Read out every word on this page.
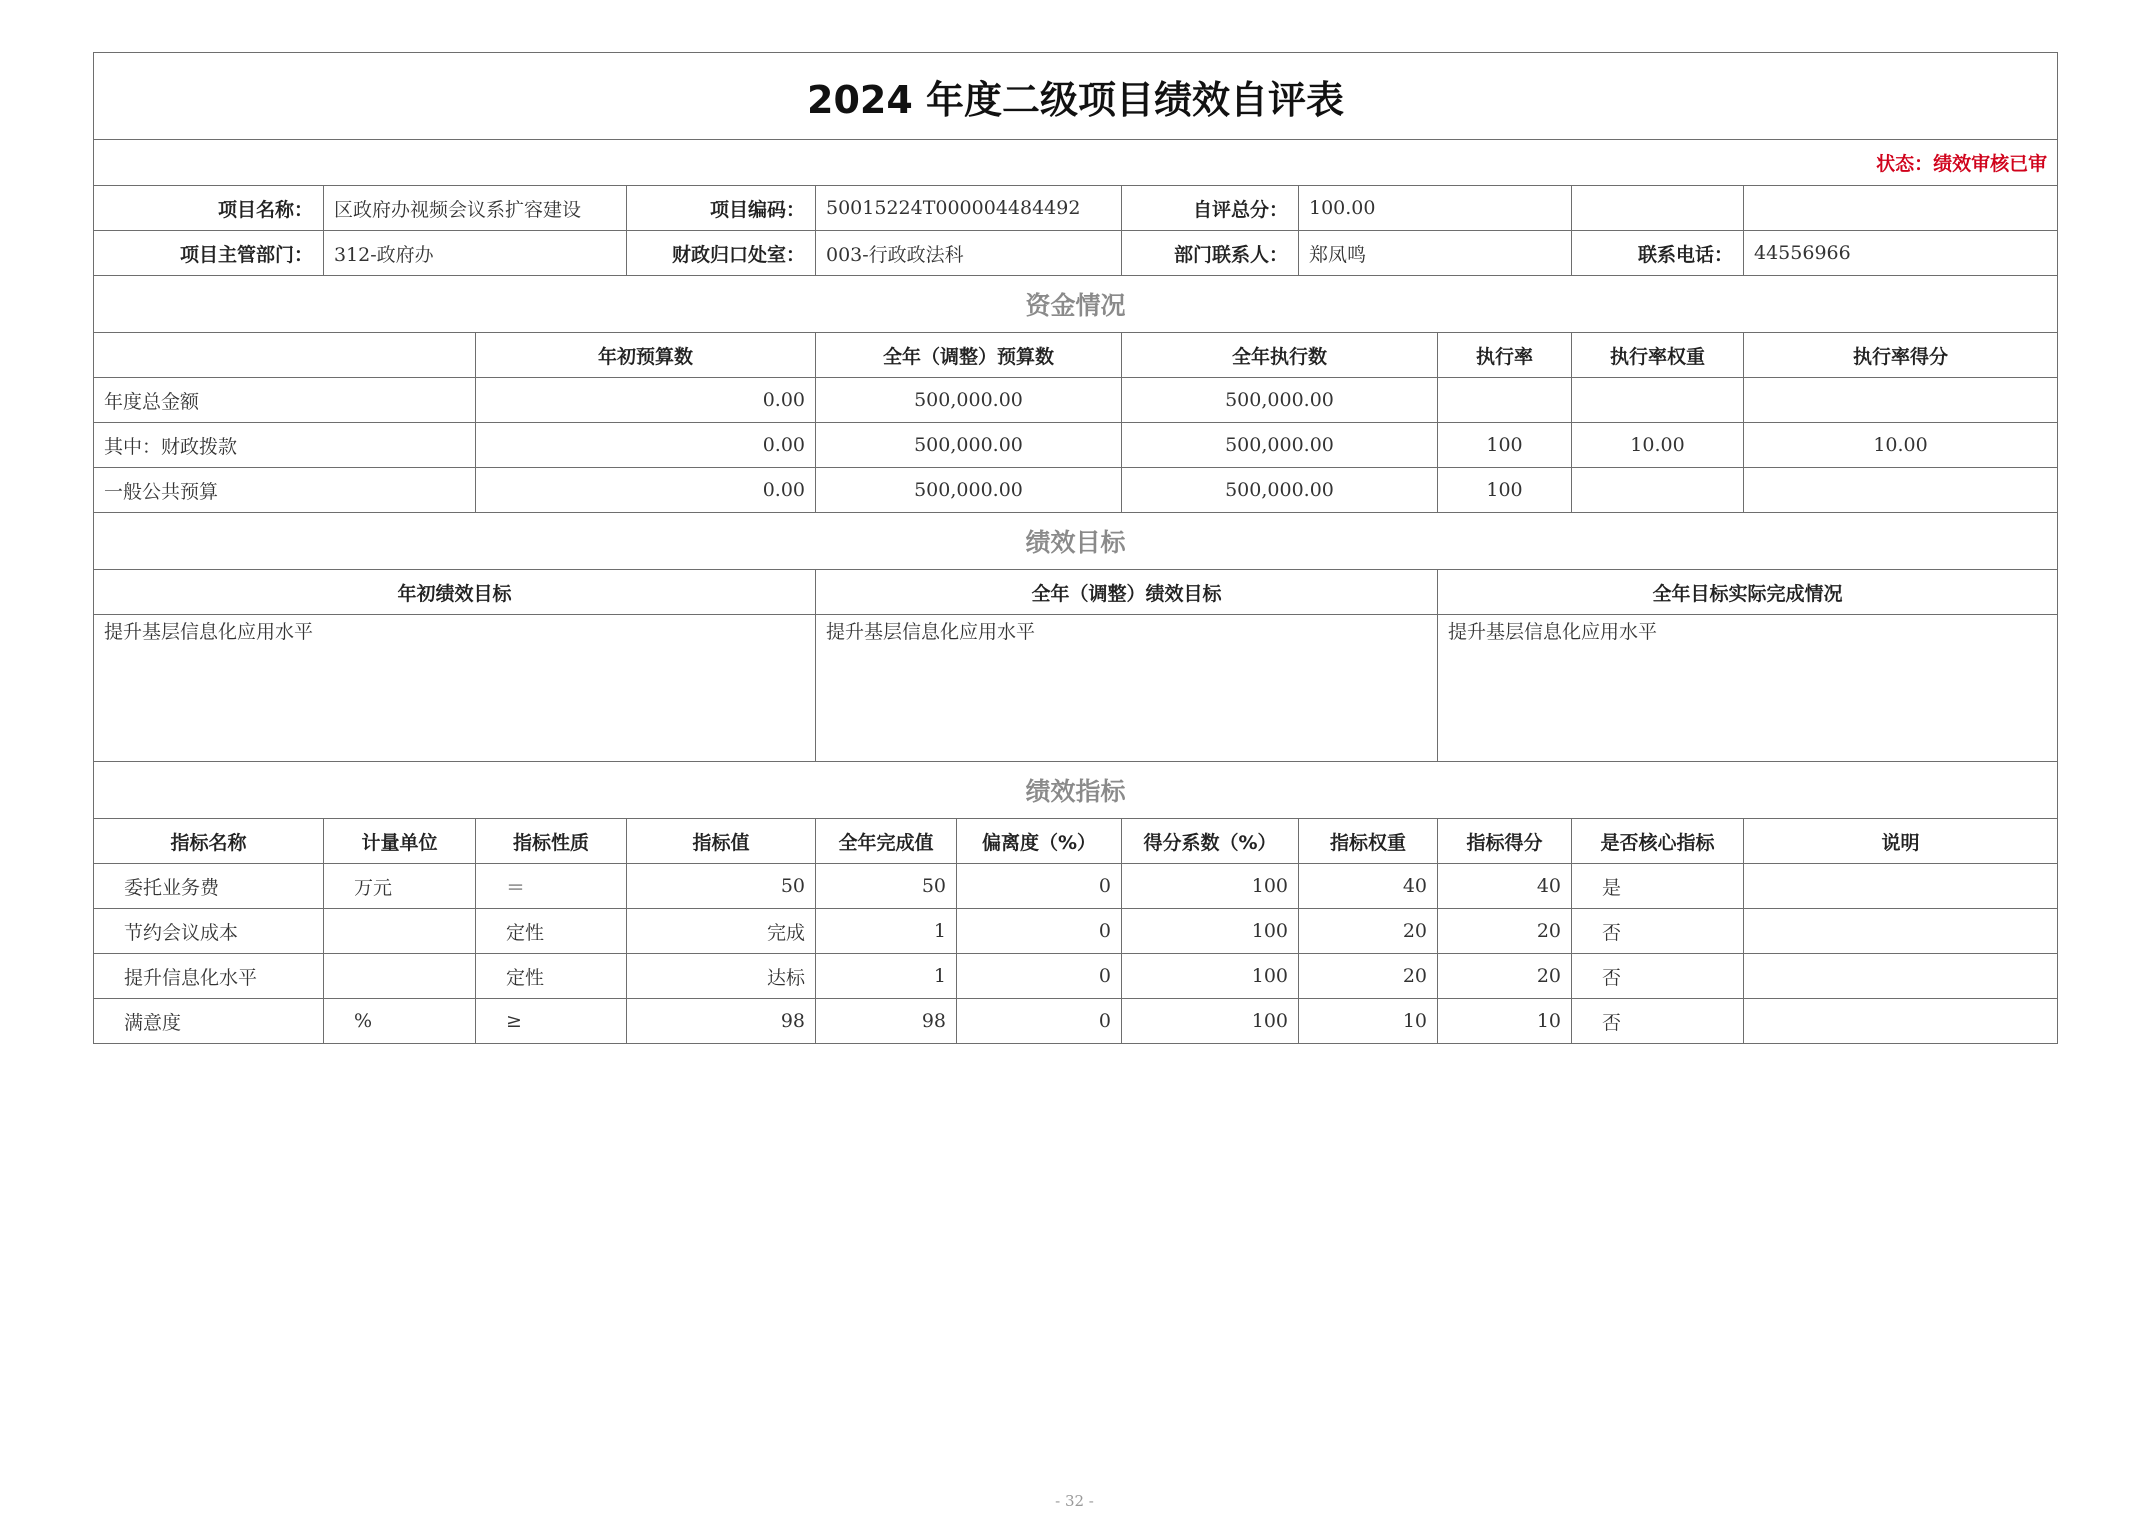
2024 年度二级项目绩效自评表										
状态：绩效审核已审										
项目名称：	区政府办视频会议系扩容建设		项目编码：	50015224T000004484492		自评总分：	100.00			
项目主管部门：	312-政府办		财政归口处室：	003-行政政法科		部门联系人：	郑凤鸣		联系电话：	44556966
资金情况										
		年初预算数		全年（调整）预算数		全年执行数		执行率	执行率权重	执行率得分
年度总金额		0.00		500,000.00		500,000.00				
其中：财政拨款		0.00		500,000.00		500,000.00		100	10.00	10.00
一般公共预算		0.00		500,000.00		500,000.00		100		
绩效目标										
年初绩效目标				全年（调整）绩效目标				全年目标实际完成情况		
提升基层信息化应用水平				提升基层信息化应用水平				提升基层信息化应用水平		
绩效指标										
指标名称	计量单位	指标性质	指标值	全年完成值	偏离度（%）	得分系数（%）	指标权重	指标得分	是否核心指标	说明
委托业务费	万元	＝	50	50	0	100	40	40	是	
节约会议成本		定性	完成	1	0	100	20	20	否	
提升信息化水平		定性	达标	1	0	100	20	20	否	
满意度	%	≥	98	98	0	100	10	10	否	
- 32 -
